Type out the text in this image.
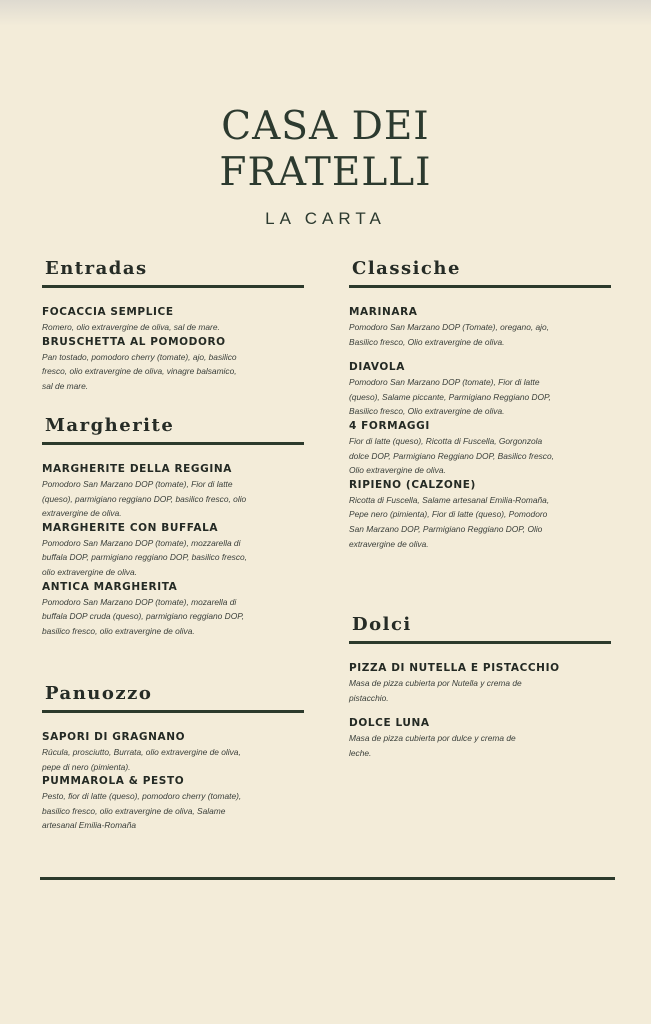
CASA DEI
FRATELLI
LA CARTA
Entradas
FOCACCIA SEMPLICE
Romero, olio extravergine de oliva, sal de mare.
BRUSCHETTA AL POMODORO
Pan tostado, pomodoro cherry (tomate), ajo, basilico fresco, olio extravergine de oliva, vinagre balsamico, sal de mare.
Margherite
MARGHERITE DELLA REGGINA
Pomodoro San Marzano DOP (tomate), Fior di latte (queso), parmigiano reggiano DOP, basilico fresco, olio extravergine de oliva.
MARGHERITE CON BUFFALA
Pomodoro San Marzano DOP (tomate), mozzarella di buffala DOP, parmigiano reggiano DOP, basilico fresco, olio extravergine de oliva.
ANTICA MARGHERITA
Pomodoro San Marzano DOP (tomate), mozarella di buffala DOP cruda (queso), parmigiano reggiano DOP, basilico fresco, olio extravergine de oliva.
Panuozzo
SAPORI DI GRAGNANO
Rúcula, prosciutto, Burrata, olio extravergine de oliva, pepe di nero (pimienta).
PUMMAROLA & PESTO
Pesto, fior di latte (queso), pomodoro cherry (tomate), basilico fresco, olio extravergine de oliva, Salame artesanal Emilia-Romaña
Classiche
MARINARA
Pomodoro San Marzano DOP (Tomate), oregano, ajo, Basilico fresco, Olio extravergine de oliva.
DIAVOLA
Pomodoro San Marzano DOP (tomate), Fior di latte (queso), Salame piccante, Parmigiano Reggiano DOP, Basilico fresco, Olio extravergine de oliva.
4 FORMAGGI
Fior di latte (queso), Ricotta di Fuscella, Gorgonzola dolce DOP, Parmigiano Reggiano DOP, Basilico fresco, Olio extravergine de oliva.
RIPIENO (CALZONE)
Ricotta di Fuscella, Salame artesanal Emilia-Romaña, Pepe nero (pimienta), Fior di latte (queso), Pomodoro San Marzano DOP, Parmigiano Reggiano DOP, Olio extravergine de oliva.
Dolci
PIZZA DI NUTELLA E PISTACCHIO
Masa de pizza cubierta por Nutella y crema de pistacchio.
DOLCE LUNA
Masa de pizza cubierta por dulce y crema de leche.
